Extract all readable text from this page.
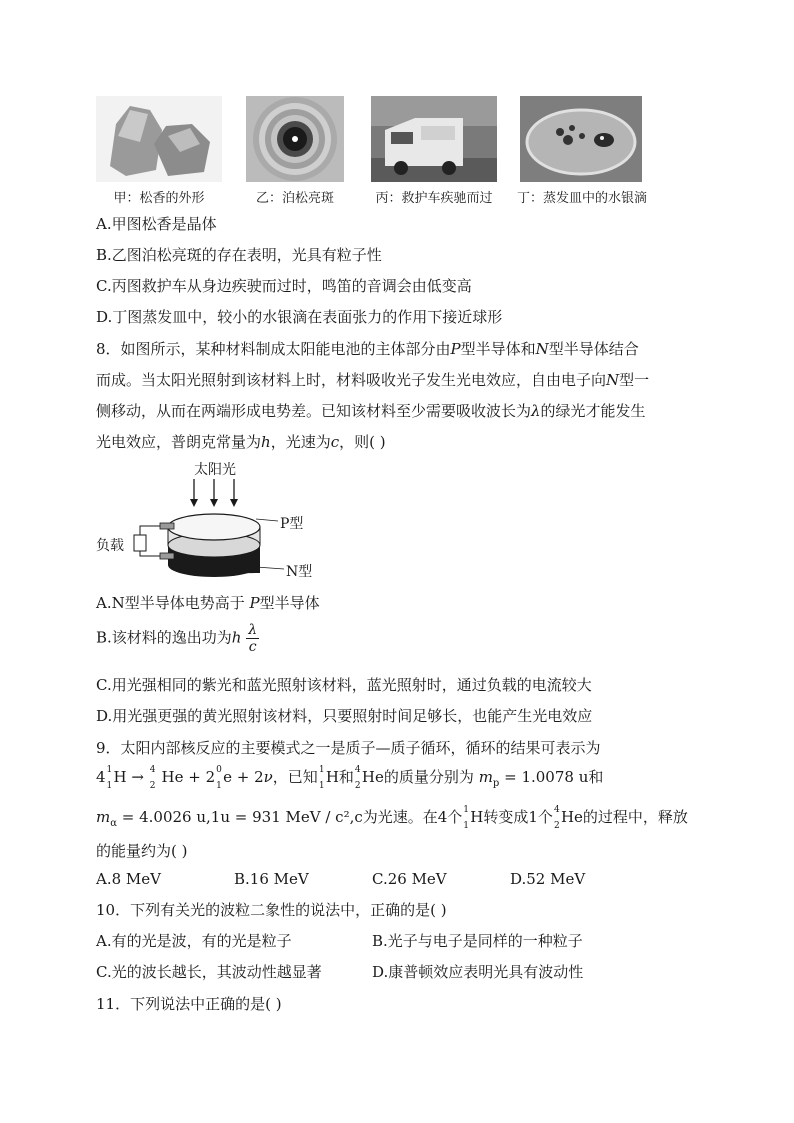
甲：松香的外形	乙：泊松亮斑	丙：救护车疾驰而过	丁：蒸发皿中的水银滴
A.甲图松香是晶体
B.乙图泊松亮斑的存在表明，光具有粒子性
C.丙图救护车从身边疾驶而过时，鸣笛的音调会由低变高
D.丁图蒸发皿中，较小的水银滴在表面张力的作用下接近球形
8．如图所示，某种材料制成太阳能电池的主体部分由P型半导体和N型半导体结合
而成。当太阳光照射到该材料上时，材料吸收光子发生光电效应，自由电子向N型一
侧移动，从而在两端形成电势差。已知该材料至少需要吸收波长为λ的绿光才能发生
光电效应，普朗克常量为h，光速为c，则( )
太阳光
负载
P型
N型
A.N型半导体电势高于 P型半导体
B.该材料的逸出功为h $\frac{\lambda}{c}$
C.用光强相同的紫光和蓝光照射该材料，蓝光照射时，通过负载的电流较大
D.用光强更强的黄光照射该材料，只要照射时间足够长，也能产生光电效应
9．太阳内部核反应的主要模式之一是质子—质子循环，循环的结果可表示为
4 1
1 H → 4
2 He + 2 0
1 e + 2ν，已知 1
1 H和 4
2 He的质量分别为 $m_p = 1.0078$ u和
$m_\alpha = 4.0026$ u,1u = 931 MeV / c²,c为光速。在4个 1
1 H转变成1个 4
2 He的过程中，释放
的能量约为( )
A.8 MeV	B.16 MeV	C.26 MeV	D.52 MeV
10．下列有关光的波粒二象性的说法中，正确的是( )
A.有的光是波，有的光是粒子	B.光子与电子是同样的一种粒子
C.光的波长越长，其波动性越显著	D.康普顿效应表明光具有波动性
11．下列说法中正确的是( )
